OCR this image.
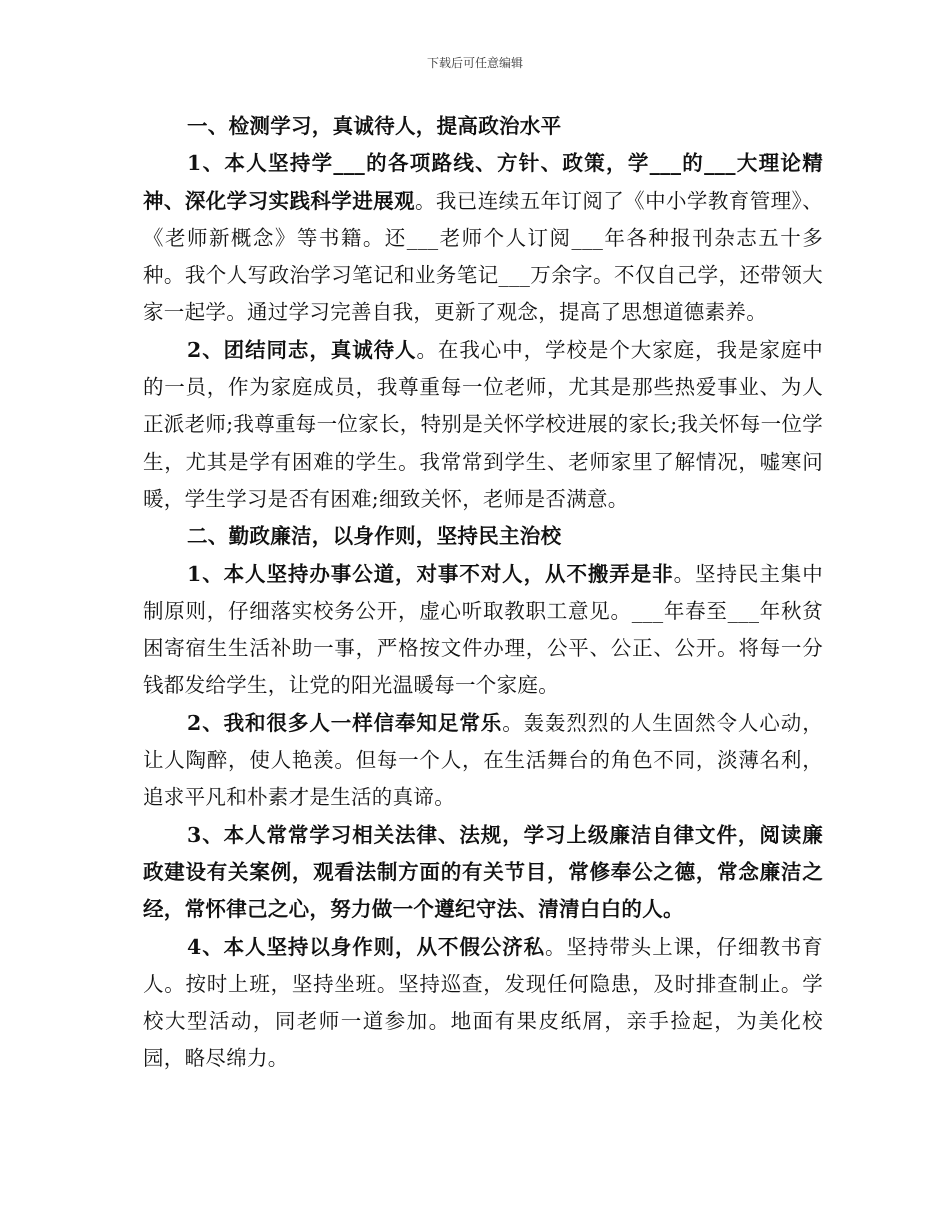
下载后可任意编辑

一、检测学习，真诚待人，提高政治水平

1、本人坚持学___的各项路线、方针、政策，学___的___大理论精神、深化学习实践科学进展观。我已连续五年订阅了《中小学教育管理》、《老师新概念》等书籍。还___老师个人订阅___年各种报刊杂志五十多种。我个人写政治学习笔记和业务笔记___万余字。不仅自己学，还带领大家一起学。通过学习完善自我，更新了观念，提高了思想道德素养。

2、团结同志，真诚待人。在我心中，学校是个大家庭，我是家庭中的一员，作为家庭成员，我尊重每一位老师，尤其是那些热爱事业、为人正派老师;我尊重每一位家长，特别是关怀学校进展的家长;我关怀每一位学生，尤其是学有困难的学生。我常常到学生、老师家里了解情况，嘘寒问暖，学生学习是否有困难;细致关怀，老师是否满意。

二、勤政廉洁，以身作则，坚持民主治校

1、本人坚持办事公道，对事不对人，从不搬弄是非。坚持民主集中制原则，仔细落实校务公开，虚心听取教职工意见。___年春至___年秋贫困寄宿生生活补助一事，严格按文件办理，公平、公正、公开。将每一分钱都发给学生，让党的阳光温暖每一个家庭。

2、我和很多人一样信奉知足常乐。轰轰烈烈的人生固然令人心动，让人陶醉，使人艳羡。但每一个人，在生活舞台的角色不同，淡薄名利，追求平凡和朴素才是生活的真谛。

3、本人常常学习相关法律、法规，学习上级廉洁自律文件，阅读廉政建设有关案例，观看法制方面的有关节目，常修奉公之德，常念廉洁之经，常怀律己之心，努力做一个遵纪守法、清清白白的人。

4、本人坚持以身作则，从不假公济私。坚持带头上课，仔细教书育人。按时上班，坚持坐班。坚持巡查，发现任何隐患，及时排查制止。学校大型活动，同老师一道参加。地面有果皮纸屑，亲手捡起，为美化校园，略尽绵力。
